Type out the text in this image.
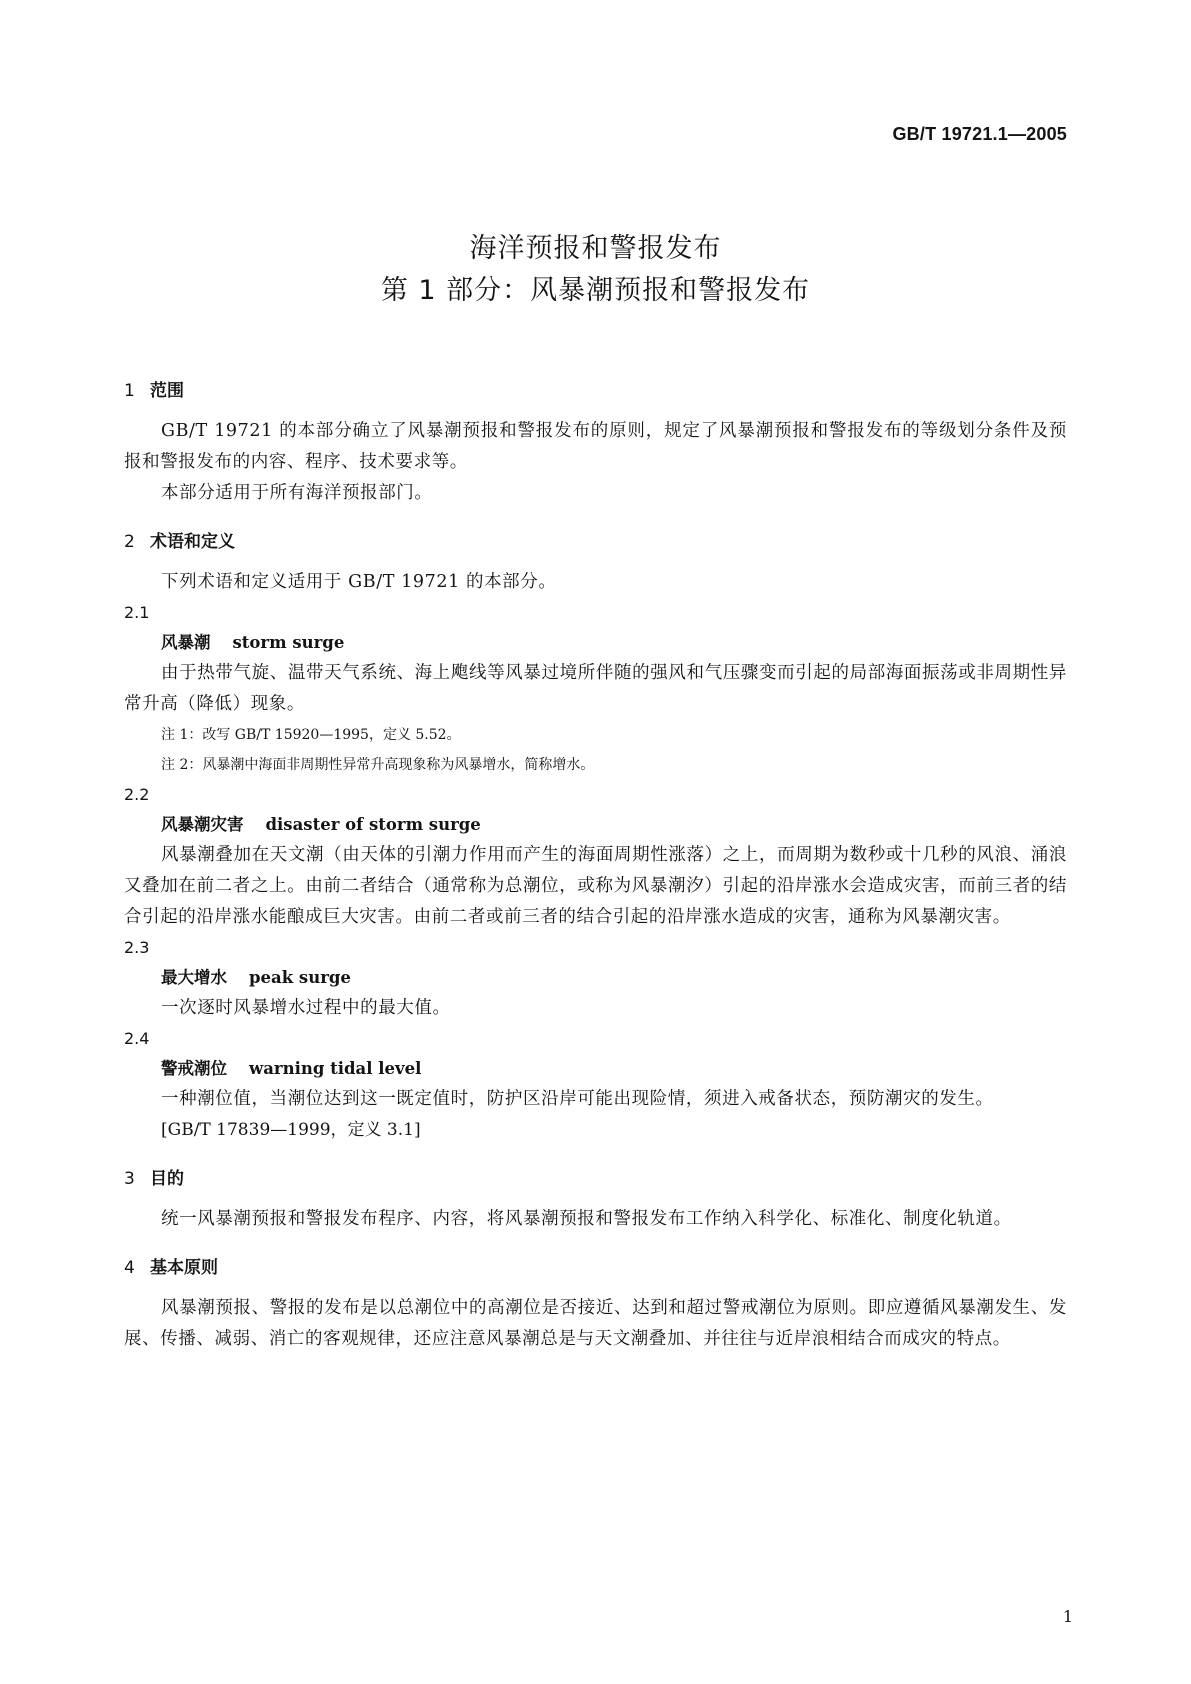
GB/T 19721.1—2005
海洋预报和警报发布
第 1 部分：风暴潮预报和警报发布
1 范围
GB/T 19721 的本部分确立了风暴潮预报和警报发布的原则，规定了风暴潮预报和警报发布的等级划分条件及预报和警报发布的内容、程序、技术要求等。
本部分适用于所有海洋预报部门。
2 术语和定义
下列术语和定义适用于 GB/T 19721 的本部分。
2.1
风暴潮 storm surge
由于热带气旋、温带天气系统、海上飑线等风暴过境所伴随的强风和气压骤变而引起的局部海面振荡或非周期性异常升高（降低）现象。
注 1：改写 GB/T 15920—1995，定义 5.52。
注 2：风暴潮中海面非周期性异常升高现象称为风暴增水，简称增水。
2.2
风暴潮灾害 disaster of storm surge
风暴潮叠加在天文潮（由天体的引潮力作用而产生的海面周期性涨落）之上，而周期为数秒或十几秒的风浪、涌浪又叠加在前二者之上。由前二者结合（通常称为总潮位，或称为风暴潮汐）引起的沿岸涨水会造成灾害，而前三者的结合引起的沿岸涨水能酿成巨大灾害。由前二者或前三者的结合引起的沿岸涨水造成的灾害，通称为风暴潮灾害。
2.3
最大增水 peak surge
一次逐时风暴增水过程中的最大值。
2.4
警戒潮位 warning tidal level
一种潮位值，当潮位达到这一既定值时，防护区沿岸可能出现险情，须进入戒备状态，预防潮灾的发生。
[GB/T 17839—1999，定义 3.1]
3 目的
统一风暴潮预报和警报发布程序、内容，将风暴潮预报和警报发布工作纳入科学化、标准化、制度化轨道。
4 基本原则
风暴潮预报、警报的发布是以总潮位中的高潮位是否接近、达到和超过警戒潮位为原则。即应遵循风暴潮发生、发展、传播、减弱、消亡的客观规律，还应注意风暴潮总是与天文潮叠加、并往往与近岸浪相结合而成灾的特点。
1
